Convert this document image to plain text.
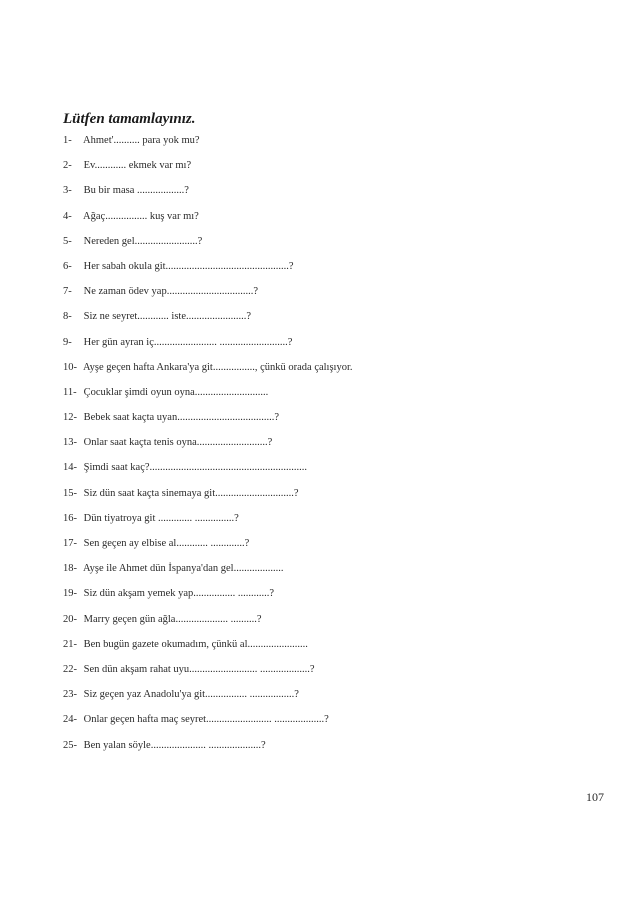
Lütfen tamamlayınız.
1- Ahmet'.......... para yok mu?
2- Ev............ ekmek var mı?
3- Bu bir masa ..................?
4- Ağaç................ kuş var mı?
5- Nereden gel........................?
6- Her sabah okula git...............................................?
7- Ne zaman ödev yap.................................?
8- Siz ne seyret............ iste.......................?
9- Her gün ayran iç........................ ..........................?
10- Ayşe geçen hafta Ankara'ya git................, çünkü orada çalışıyor.
11- Çocuklar şimdi oyun oyna............................
12- Bebek saat kaçta uyan.....................................?
13- Onlar saat kaçta tenis oyna...........................?
14- Şimdi saat kaç?............................................................
15- Siz dün saat kaçta sinemaya git..............................?
16- Dün tiyatroya git ............. ...............?
17- Sen geçen ay elbise al............ .............?
18- Ayşe ile Ahmet dün İspanya'dan gel...................
19- Siz dün akşam yemek yap................ ............?
20- Marry geçen gün ağla.................... ..........?
21- Ben bugün gazete okumadım, çünkü al.......................
22- Sen dün akşam rahat uyu.......................... ...................?
23- Siz geçen yaz Anadolu'ya git................ .................?
24- Onlar geçen hafta maç seyret......................... ...................?
25- Ben yalan söyle..................... ....................?
107
